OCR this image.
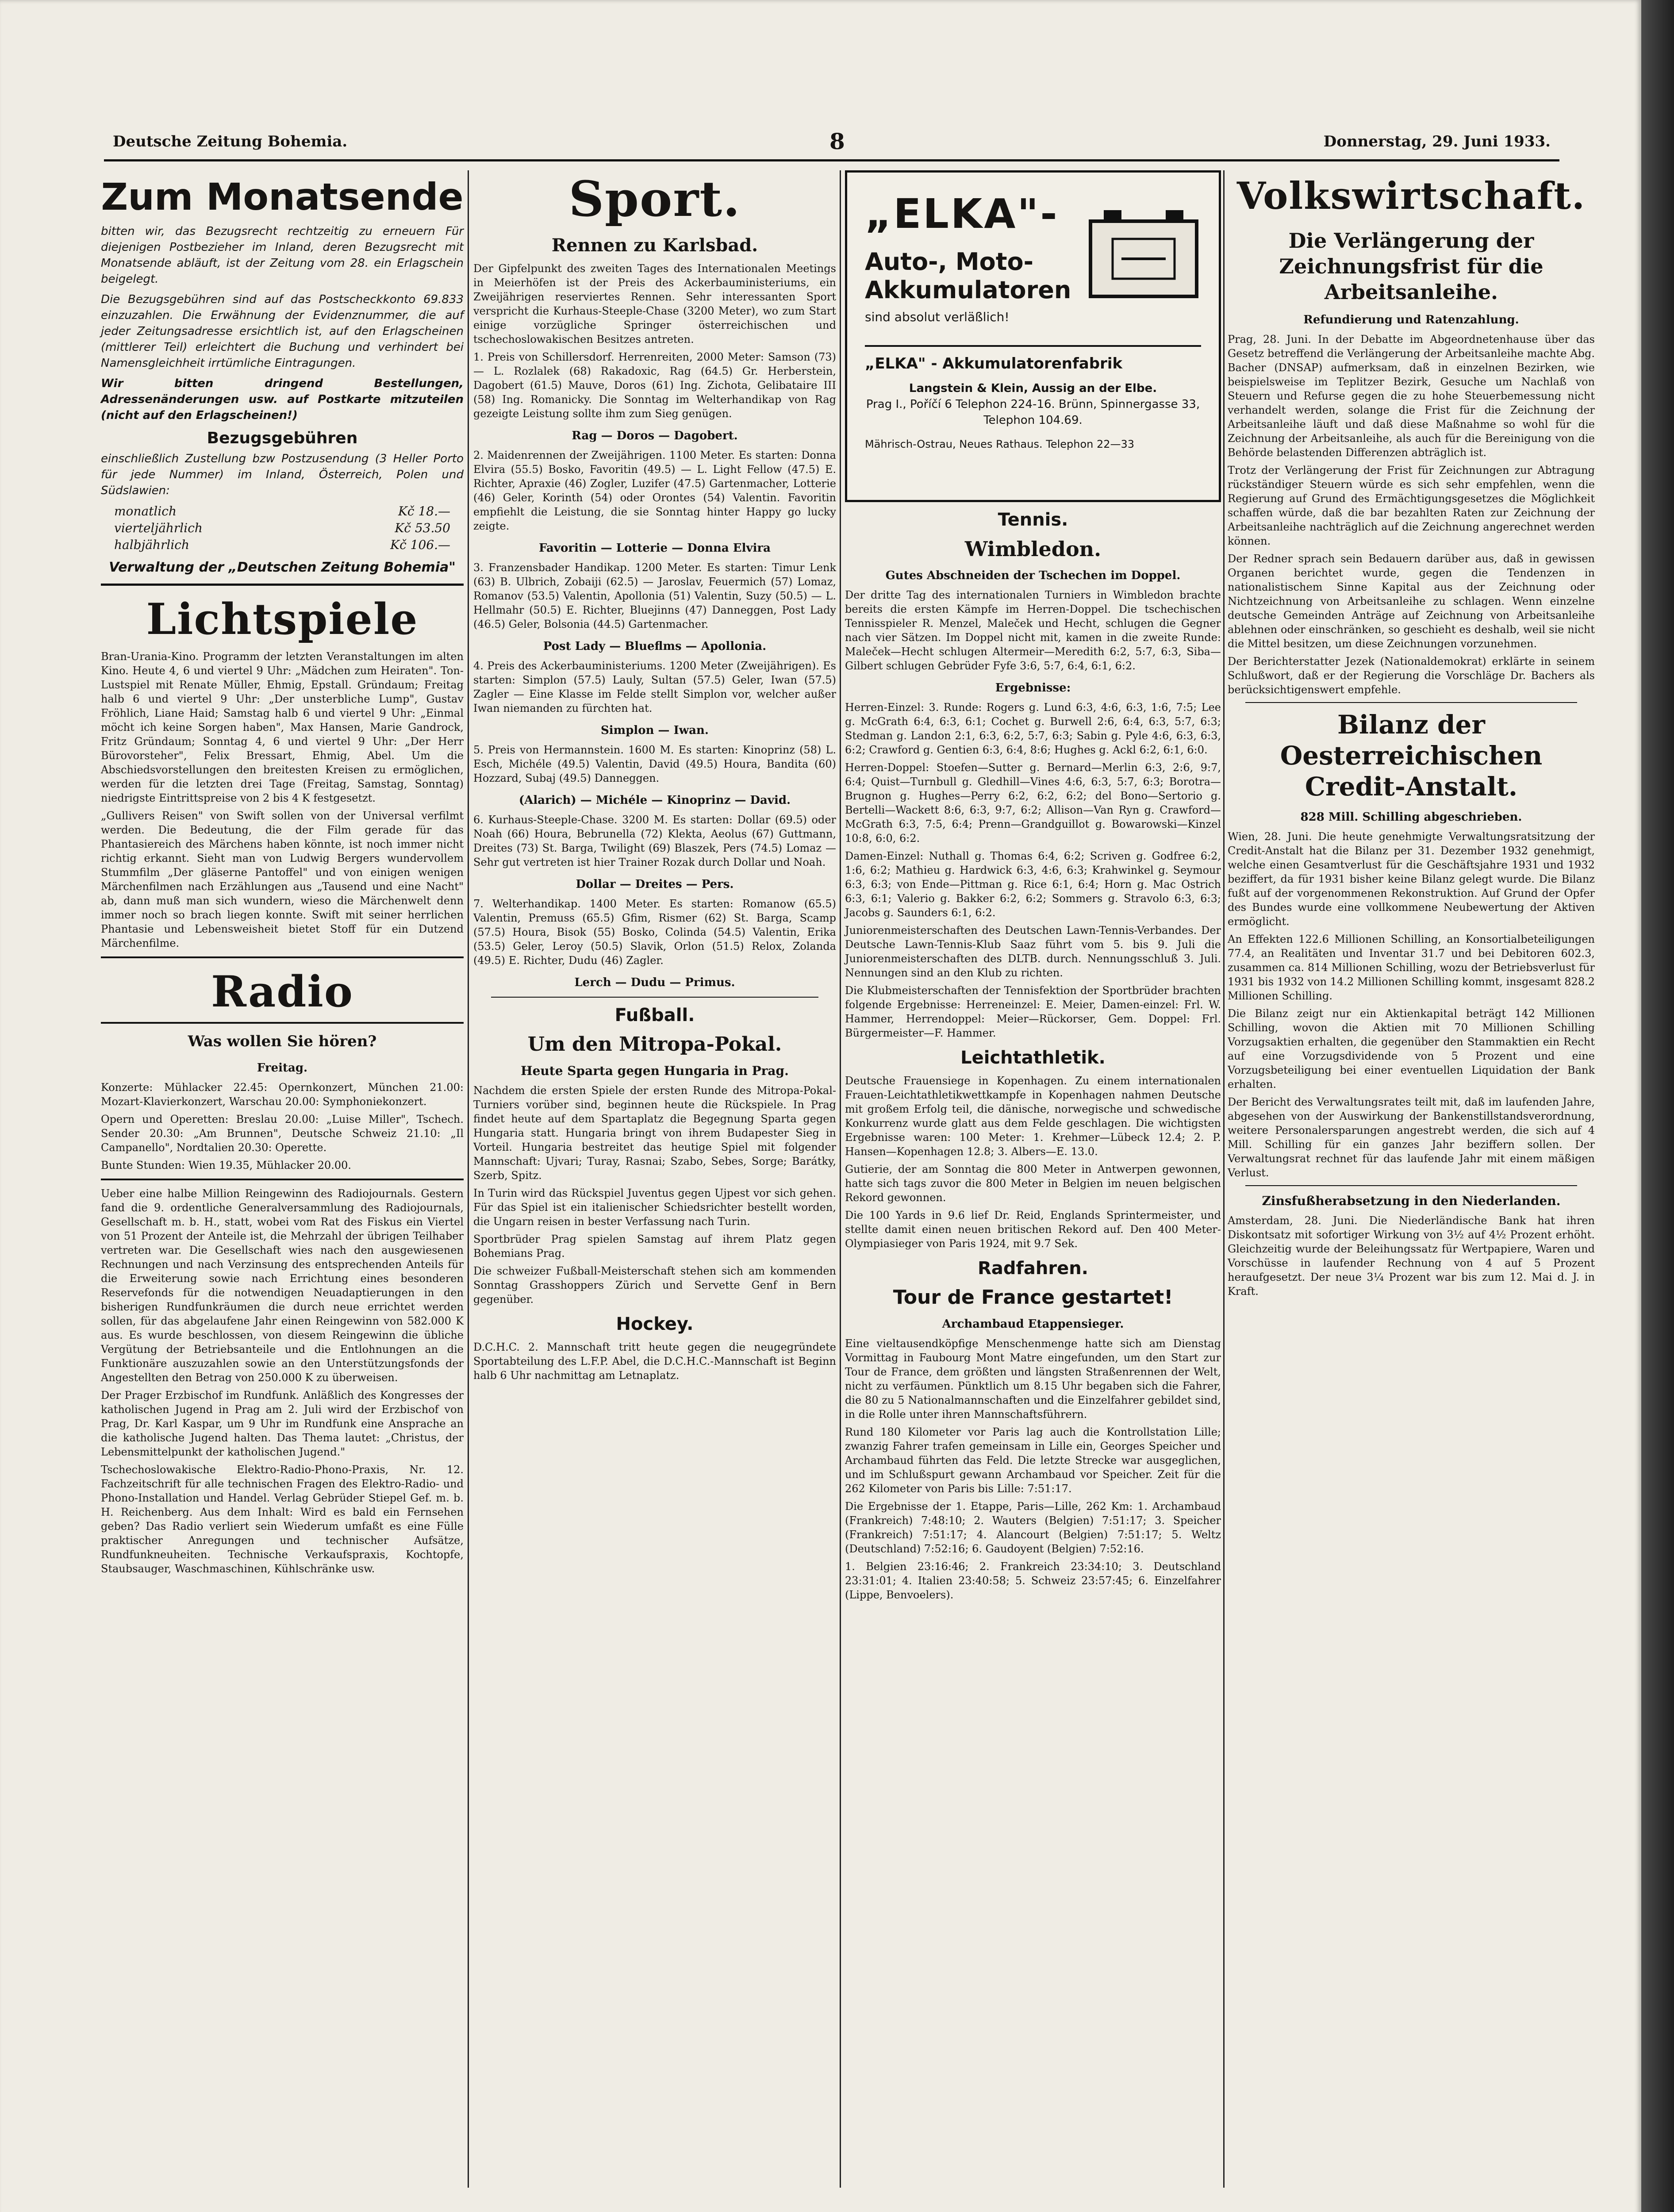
Deutsche Zeitung Bohemia.	8	Donnerstag, 29. Juni 1933.
Zum Monatsende

bitten wir, das Bezugsrecht rechtzeitig zu erneuern Für diejenigen Postbezieher im Inland, deren Bezugsrecht mit Monatsende abläuft, ist der Zeitung vom 28. ein Erlagschein beigelegt.

Die Bezugsgebühren sind auf das Postscheckkonto 69.833 einzuzahlen. Die Erwähnung der Evidenznummer, die auf jeder Zeitungsadresse ersichtlich ist, auf den Erlagscheinen (mittlerer Teil) erleichtert die Buchung und verhindert bei Namensgleichheit irrtümliche Eintragungen.

Wir bitten dringend Bestellungen, Adressenänderungen usw. auf Postkarte mitzuteilen (nicht auf den Erlagscheinen!)

Bezugsgebühren

einschließlich Zustellung bzw Postzusendung (3 Heller Porto für jede Nummer) im Inland, Österreich, Polen und Südslawien:

monatlich	Kč 18.—
vierteljährlich	Kč 53.50
halbjährlich	Kč 106.—
Verwaltung der „Deutschen Zeitung Bohemia"
Lichtspiele

Bran-Urania-Kino. Programm der letzten Veranstaltungen im alten Kino. Heute 4, 6 und viertel 9 Uhr: „Mädchen zum Heiraten". Ton-Lustspiel mit Renate Müller, Ehmig, Epstall. Gründaum; Freitag halb 6 und viertel 9 Uhr: „Der unsterbliche Lump", Gustav Fröhlich, Liane Haid; Samstag halb 6 und viertel 9 Uhr: „Einmal möcht ich keine Sorgen haben", Max Hansen, Marie Gandrock, Fritz Gründaum; Sonntag 4, 6 und viertel 9 Uhr: „Der Herr Bürovorsteher", Felix Bressart, Ehmig, Abel. Um die Abschiedsvorstellungen den breitesten Kreisen zu ermöglichen, werden für die letzten drei Tage (Freitag, Samstag, Sonntag) niedrigste Eintrittspreise von 2 bis 4 K festgesetzt.

„Gullivers Reisen" von Swift sollen von der Universal verfilmt werden. Die Bedeutung, die der Film gerade für das Phantasiereich des Märchens haben könnte, ist noch immer nicht richtig erkannt. Sieht man von Ludwig Bergers wundervollem Stummfilm „Der gläserne Pantoffel" und von einigen wenigen Märchenfilmen nach Erzählungen aus „Tausend und eine Nacht" ab, dann muß man sich wundern, wieso die Märchenwelt denn immer noch so brach liegen konnte. Swift mit seiner herrlichen Phantasie und Lebensweisheit bietet Stoff für ein Dutzend Märchenfilme.

Radio
Was wollen Sie hören?
Freitag.

Konzerte: Mühlacker 22.45: Opernkonzert, München 21.00: Mozart-Klavierkonzert, Warschau 20.00: Symphoniekonzert.

Opern und Operetten: Breslau 20.00: „Luise Miller", Tschech. Sender 20.30: „Am Brunnen", Deutsche Schweiz 21.10: „Il Campanello", Nordtalien 20.30: Operette.

Bunte Stunden: Wien 19.35, Mühlacker 20.00.

Ueber eine halbe Million Reingewinn des Radiojournals. Gestern fand die 9. ordentliche Generalversammlung des Radiojournals, Gesellschaft m. b. H., statt, wobei vom Rat des Fiskus ein Viertel von 51 Prozent der Anteile ist, die Mehrzahl der übrigen Teilhaber vertreten war. Die Gesellschaft wies nach den ausgewiesenen Rechnungen und nach Verzinsung des entsprechenden Anteils für die Erweiterung sowie nach Errichtung eines besonderen Reservefonds für die notwendigen Neuadaptierungen in den bisherigen Rundfunkräumen die durch neue errichtet werden sollen, für das abgelaufene Jahr einen Reingewinn von 582.000 K aus. Es wurde beschlossen, von diesem Reingewinn die übliche Vergütung der Betriebsanteile und die Entlohnungen an die Funktionäre auszuzahlen sowie an den Unterstützungsfonds der Angestellten den Betrag von 250.000 K zu überweisen.

Der Prager Erzbischof im Rundfunk. Anläßlich des Kongresses der katholischen Jugend in Prag am 2. Juli wird der Erzbischof von Prag, Dr. Karl Kaspar, um 9 Uhr im Rundfunk eine Ansprache an die katholische Jugend halten. Das Thema lautet: „Christus, der Lebensmittelpunkt der katholischen Jugend."

Tschechoslowakische Elektro-Radio-Phono-Praxis, Nr. 12. Fachzeitschrift für alle technischen Fragen des Elektro-Radio- und Phono-Installation und Handel. Verlag Gebrüder Stiepel Gef. m. b. H. Reichenberg. Aus dem Inhalt: Wird es bald ein Fernsehen geben? Das Radio verliert sein Wiederum umfaßt es eine Fülle praktischer Anregungen und technischer Aufsätze, Rundfunkneuheiten. Technische Verkaufspraxis, Kochtopfe, Staubsauger, Waschmaschinen, Kühlschränke usw.

Sport.
Rennen zu Karlsbad.

Der Gipfelpunkt des zweiten Tages des Internationalen Meetings in Meierhöfen ist der Preis des Ackerbauministeriums, ein Zweijährigen reserviertes Rennen. Sehr interessanten Sport verspricht die Kurhaus-Steeple-Chase (3200 Meter), wo zum Start einige vorzügliche Springer österreichischen und tschechoslowakischen Besitzes antreten.

1. Preis von Schillersdorf. Herrenreiten, 2000 Meter: Samson (73) — L. Rozlalek (68) Rakadoxic, Rag (64.5) Gr. Herberstein, Dagobert (61.5) Mauve, Doros (61) Ing. Zichota, Gelibataire III (58) Ing. Romanicky. Die Sonntag im Welterhandikap von Rag gezeigte Leistung sollte ihm zum Sieg genügen.

Rag — Doros — Dagobert.

2. Maidenrennen der Zweijährigen. 1100 Meter. Es starten: Donna Elvira (55.5) Bosko, Favoritin (49.5) — L. Light Fellow (47.5) E. Richter, Apraxie (46) Zogler, Luzifer (47.5) Gartenmacher, Lotterie (46) Geler, Korinth (54) oder Orontes (54) Valentin. Favoritin empfiehlt die Leistung, die sie Sonntag hinter Happy go lucky zeigte.

Favoritin — Lotterie — Donna Elvira

3. Franzensbader Handikap. 1200 Meter. Es starten: Timur Lenk (63) B. Ulbrich, Zobaiji (62.5) — Jaroslav, Feuermich (57) Lomaz, Romanov (53.5) Valentin, Apollonia (51) Valentin, Suzy (50.5) — L. Hellmahr (50.5) E. Richter, Bluejinns (47) Danneggen, Post Lady (46.5) Geler, Bolsonia (44.5) Gartenmacher.

Post Lady — Blueflms — Apollonia.

4. Preis des Ackerbauministeriums. 1200 Meter (Zweijährigen). Es starten: Simplon (57.5) Lauly, Sultan (57.5) Geler, Iwan (57.5) Zagler — Eine Klasse im Felde stellt Simplon vor, welcher außer Iwan niemanden zu fürchten hat.

Simplon — Iwan.

5. Preis von Hermannstein. 1600 M. Es starten: Kinoprinz (58) L. Esch, Michéle (49.5) Valentin, David (49.5) Houra, Bandita (60) Hozzard, Subaj (49.5) Danneggen.

(Alarich) — Michéle — Kinoprinz — David.

6. Kurhaus-Steeple-Chase. 3200 M. Es starten: Dollar (69.5) oder Noah (66) Houra, Bebrunella (72) Klekta, Aeolus (67) Guttmann, Dreites (73) St. Barga, Twilight (69) Blaszek, Pers (74.5) Lomaz — Sehr gut vertreten ist hier Trainer Rozak durch Dollar und Noah.

Dollar — Dreites — Pers.

7. Welterhandikap. 1400 Meter. Es starten: Romanow (65.5) Valentin, Premuss (65.5) Gfim, Rismer (62) St. Barga, Scamp (57.5) Houra, Bisok (55) Bosko, Colinda (54.5) Valentin, Erika (53.5) Geler, Leroy (50.5) Slavik, Orlon (51.5) Relox, Zolanda (49.5) E. Richter, Dudu (46) Zagler.

Lerch — Dudu — Primus.
Fußball.
Um den Mitropa-Pokal.
Heute Sparta gegen Hungaria in Prag.

Nachdem die ersten Spiele der ersten Runde des Mitropa-Pokal-Turniers vorüber sind, beginnen heute die Rückspiele. In Prag findet heute auf dem Spartaplatz die Begegnung Sparta gegen Hungaria statt. Hungaria bringt von ihrem Budapester Sieg in Vorteil. Hungaria bestreitet das heutige Spiel mit folgender Mannschaft: Ujvari; Turay, Rasnai; Szabo, Sebes, Sorge; Barátky, Szerb, Spitz.

In Turin wird das Rückspiel Juventus gegen Ujpest vor sich gehen. Für das Spiel ist ein italienischer Schiedsrichter bestellt worden, die Ungarn reisen in bester Verfassung nach Turin.

Sportbrüder Prag spielen Samstag auf ihrem Platz gegen Bohemians Prag.

Die schweizer Fußball-Meisterschaft stehen sich am kommenden Sonntag Grasshoppers Zürich und Servette Genf in Bern gegenüber.

Hockey.

D.C.H.C. 2. Mannschaft tritt heute gegen die neugegründete Sportabteilung des L.F.P. Abel, die D.C.H.C.-Mannschaft ist Beginn halb 6 Uhr nachmittag am Letnaplatz.

„ELKA"-
Auto-, Moto-
Akkumulatoren
sind absolut verläßlich!
„ELKA" - Akkumulatorenfabrik
Langstein & Klein, Aussig an der Elbe.
Prag I., Poříčí 6 Telephon 224-16. Brünn, Spinnergasse 33, Telephon 104.69.
Mährisch-Ostrau, Neues Rathaus. Telephon 22—33
Tennis.
Wimbledon.
Gutes Abschneiden der Tschechen im Doppel.

Der dritte Tag des internationalen Turniers in Wimbledon brachte bereits die ersten Kämpfe im Herren-Doppel. Die tschechischen Tennisspieler R. Menzel, Maleček und Hecht, schlugen die Gegner nach vier Sätzen. Im Doppel nicht mit, kamen in die zweite Runde: Maleček—Hecht schlugen Altermeir—Meredith 6:2, 5:7, 6:3, Siba—Gilbert schlugen Gebrüder Fyfe 3:6, 5:7, 6:4, 6:1, 6:2.

Ergebnisse:

Herren-Einzel: 3. Runde: Rogers g. Lund 6:3, 4:6, 6:3, 1:6, 7:5; Lee g. McGrath 6:4, 6:3, 6:1; Cochet g. Burwell 2:6, 6:4, 6:3, 5:7, 6:3; Stedman g. Landon 2:1, 6:3, 6:2, 5:7, 6:3; Sabin g. Pyle 4:6, 6:3, 6:3, 6:2; Crawford g. Gentien 6:3, 6:4, 8:6; Hughes g. Ackl 6:2, 6:1, 6:0.

Herren-Doppel: Stoefen—Sutter g. Bernard—Merlin 6:3, 2:6, 9:7, 6:4; Quist—Turnbull g. Gledhill—Vines 4:6, 6:3, 5:7, 6:3; Borotra—Brugnon g. Hughes—Perry 6:2, 6:2, 6:2; del Bono—Sertorio g. Bertelli—Wackett 8:6, 6:3, 9:7, 6:2; Allison—Van Ryn g. Crawford—McGrath 6:3, 7:5, 6:4; Prenn—Grandguillot g. Bowarowski—Kinzel 10:8, 6:0, 6:2.

Damen-Einzel: Nuthall g. Thomas 6:4, 6:2; Scriven g. Godfree 6:2, 1:6, 6:2; Mathieu g. Hardwick 6:3, 4:6, 6:3; Krahwinkel g. Seymour 6:3, 6:3; von Ende—Pittman g. Rice 6:1, 6:4; Horn g. Mac Ostrich 6:3, 6:1; Valerio g. Bakker 6:2, 6:2; Sommers g. Stravolo 6:3, 6:3; Jacobs g. Saunders 6:1, 6:2.

Juniorenmeisterschaften des Deutschen Lawn-Tennis-Verbandes. Der Deutsche Lawn-Tennis-Klub Saaz führt vom 5. bis 9. Juli die Juniorenmeisterschaften des DLTB. durch. Nennungsschluß 3. Juli. Nennungen sind an den Klub zu richten.

Die Klubmeisterschaften der Tennisfektion der Sportbrüder brachten folgende Ergebnisse: Herreneinzel: E. Meier, Damen-einzel: Frl. W. Hammer, Herrendoppel: Meier—Rückorser, Gem. Doppel: Frl. Bürgermeister—F. Hammer.

Leichtathletik.

Deutsche Frauensiege in Kopenhagen. Zu einem internationalen Frauen-Leichtathletikwettkampfe in Kopenhagen nahmen Deutsche mit großem Erfolg teil, die dänische, norwegische und schwedische Konkurrenz wurde glatt aus dem Felde geschlagen. Die wichtigsten Ergebnisse waren: 100 Meter: 1. Krehmer—Lübeck 12.4; 2. P. Hansen—Kopenhagen 12.8; 3. Albers—E. 13.0.

Gutierie, der am Sonntag die 800 Meter in Antwerpen gewonnen, hatte sich tags zuvor die 800 Meter in Belgien im neuen belgischen Rekord gewonnen.

Die 100 Yards in 9.6 lief Dr. Reid, Englands Sprintermeister, und stellte damit einen neuen britischen Rekord auf. Den 400 Meter-Olympiasieger von Paris 1924, mit 9.7 Sek.

Radfahren.
Tour de France gestartet!
Archambaud Etappensieger.

Eine vieltausendköpfige Menschenmenge hatte sich am Dienstag Vormittag in Faubourg Mont Matre eingefunden, um den Start zur Tour de France, dem größten und längsten Straßenrennen der Welt, nicht zu verfäumen. Pünktlich um 8.15 Uhr begaben sich die Fahrer, die 80 zu 5 Nationalmannschaften und die Einzelfahrer gebildet sind, in die Rolle unter ihren Mannschaftsführern.

Rund 180 Kilometer vor Paris lag auch die Kontrollstation Lille; zwanzig Fahrer trafen gemeinsam in Lille ein, Georges Speicher und Archambaud führten das Feld. Die letzte Strecke war ausgeglichen, und im Schlußspurt gewann Archambaud vor Speicher. Zeit für die 262 Kilometer von Paris bis Lille: 7:51:17.

Die Ergebnisse der 1. Etappe, Paris—Lille, 262 Km: 1. Archambaud (Frankreich) 7:48:10; 2. Wauters (Belgien) 7:51:17; 3. Speicher (Frankreich) 7:51:17; 4. Alancourt (Belgien) 7:51:17; 5. Weltz (Deutschland) 7:52:16; 6. Gaudoyent (Belgien) 7:52:16.

1. Belgien 23:16:46; 2. Frankreich 23:34:10; 3. Deutschland 23:31:01; 4. Italien 23:40:58; 5. Schweiz 23:57:45; 6. Einzelfahrer (Lippe, Benvoelers).

Volkswirtschaft.
Die Verlängerung der Zeichnungsfrist für die Arbeitsanleihe.
Refundierung und Ratenzahlung.

Prag, 28. Juni. In der Debatte im Abgeordnetenhause über das Gesetz betreffend die Verlängerung der Arbeitsanleihe machte Abg. Bacher (DNSAP) aufmerksam, daß in einzelnen Bezirken, wie beispielsweise im Teplitzer Bezirk, Gesuche um Nachlaß von Steuern und Refurse gegen die zu hohe Steuerbemessung nicht verhandelt werden, solange die Frist für die Zeichnung der Arbeitsanleihe läuft und daß diese Maßnahme so wohl für die Zeichnung der Arbeitsanleihe, als auch für die Bereinigung von die Behörde belastenden Differenzen abträglich ist.

Trotz der Verlängerung der Frist für Zeichnungen zur Abtragung rückständiger Steuern würde es sich sehr empfehlen, wenn die Regierung auf Grund des Ermächtigungsgesetzes die Möglichkeit schaffen würde, daß die bar bezahlten Raten zur Zeichnung der Arbeitsanleihe nachträglich auf die Zeichnung angerechnet werden können.

Der Redner sprach sein Bedauern darüber aus, daß in gewissen Organen berichtet wurde, gegen die Tendenzen in nationalistischem Sinne Kapital aus der Zeichnung oder Nichtzeichnung von Arbeitsanleihe zu schlagen. Wenn einzelne deutsche Gemeinden Anträge auf Zeichnung von Arbeitsanleihe ablehnen oder einschränken, so geschieht es deshalb, weil sie nicht die Mittel besitzen, um diese Zeichnungen vorzunehmen.

Der Berichterstatter Jezek (Nationaldemokrat) erklärte in seinem Schlußwort, daß er der Regierung die Vorschläge Dr. Bachers als berücksichtigenswert empfehle.

Bilanz der Oesterreichischen Credit-Anstalt.
828 Mill. Schilling abgeschrieben.

Wien, 28. Juni. Die heute genehmigte Verwaltungsratsitzung der Credit-Anstalt hat die Bilanz per 31. Dezember 1932 genehmigt, welche einen Gesamtverlust für die Geschäftsjahre 1931 und 1932 beziffert, da für 1931 bisher keine Bilanz gelegt wurde. Die Bilanz fußt auf der vorgenommenen Rekonstruktion. Auf Grund der Opfer des Bundes wurde eine vollkommene Neubewertung der Aktiven ermöglicht.

An Effekten 122.6 Millionen Schilling, an Konsortialbeteiligungen 77.4, an Realitäten und Inventar 31.7 und bei Debitoren 602.3, zusammen ca. 814 Millionen Schilling, wozu der Betriebsverlust für 1931 bis 1932 von 14.2 Millionen Schilling kommt, insgesamt 828.2 Millionen Schilling.

Die Bilanz zeigt nur ein Aktienkapital beträgt 142 Millionen Schilling, wovon die Aktien mit 70 Millionen Schilling Vorzugsaktien erhalten, die gegenüber den Stammaktien ein Recht auf eine Vorzugsdividende von 5 Prozent und eine Vorzugsbeteiligung bei einer eventuellen Liquidation der Bank erhalten.

Der Bericht des Verwaltungsrates teilt mit, daß im laufenden Jahre, abgesehen von der Auswirkung der Bankenstillstandsverordnung, weitere Personalersparungen angestrebt werden, die sich auf 4 Mill. Schilling für ein ganzes Jahr beziffern sollen. Der Verwaltungsrat rechnet für das laufende Jahr mit einem mäßigen Verlust.

Zinsfußherabsetzung in den Niederlanden.

Amsterdam, 28. Juni. Die Niederländische Bank hat ihren Diskontsatz mit sofortiger Wirkung von 3½ auf 4½ Prozent erhöht. Gleichzeitig wurde der Beleihungssatz für Wertpapiere, Waren und Vorschüsse in laufender Rechnung von 4 auf 5 Prozent heraufgesetzt. Der neue 3¼ Prozent war bis zum 12. Mai d. J. in Kraft.
